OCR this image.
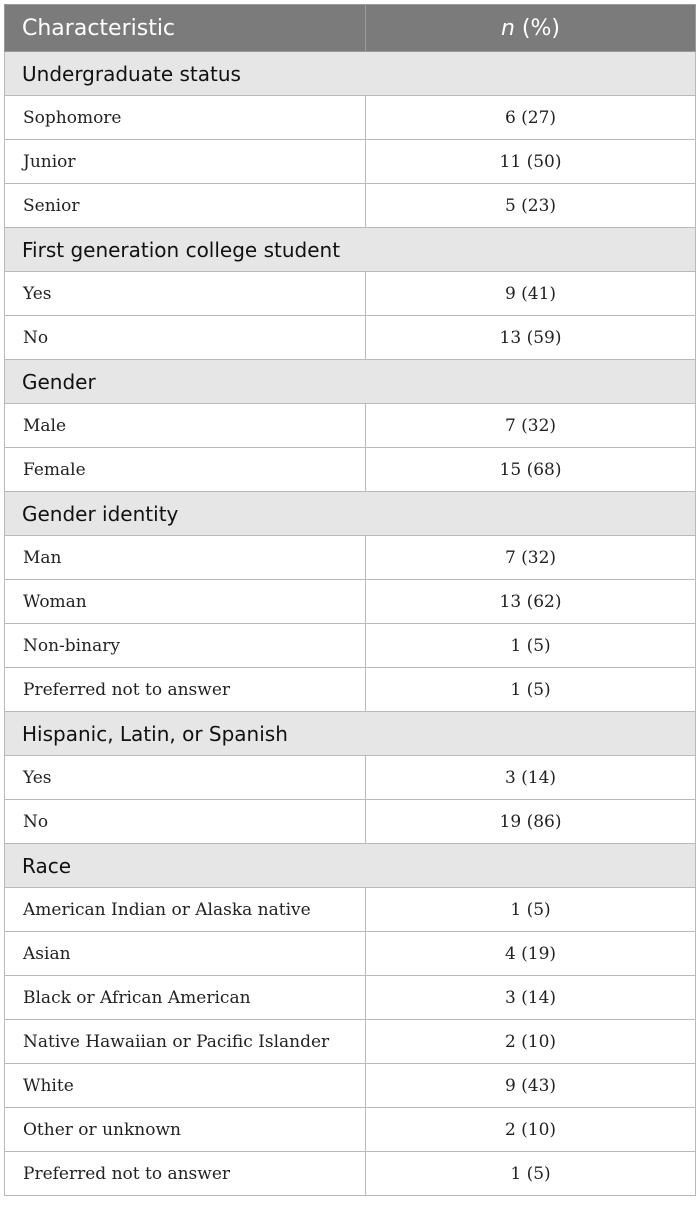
Characteristic	n (%)
Undergraduate status	
Sophomore	6 (27)
Junior	11 (50)
Senior	5 (23)
First generation college student	
Yes	9 (41)
No	13 (59)
Gender	
Male	7 (32)
Female	15 (68)
Gender identity	
Man	7 (32)
Woman	13 (62)
Non-binary	1 (5)
Preferred not to answer	1 (5)
Hispanic, Latin, or Spanish	
Yes	3 (14)
No	19 (86)
Race	
American Indian or Alaska native	1 (5)
Asian	4 (19)
Black or African American	3 (14)
Native Hawaiian or Pacific Islander	2 (10)
White	9 (43)
Other or unknown	2 (10)
Preferred not to answer	1 (5)
